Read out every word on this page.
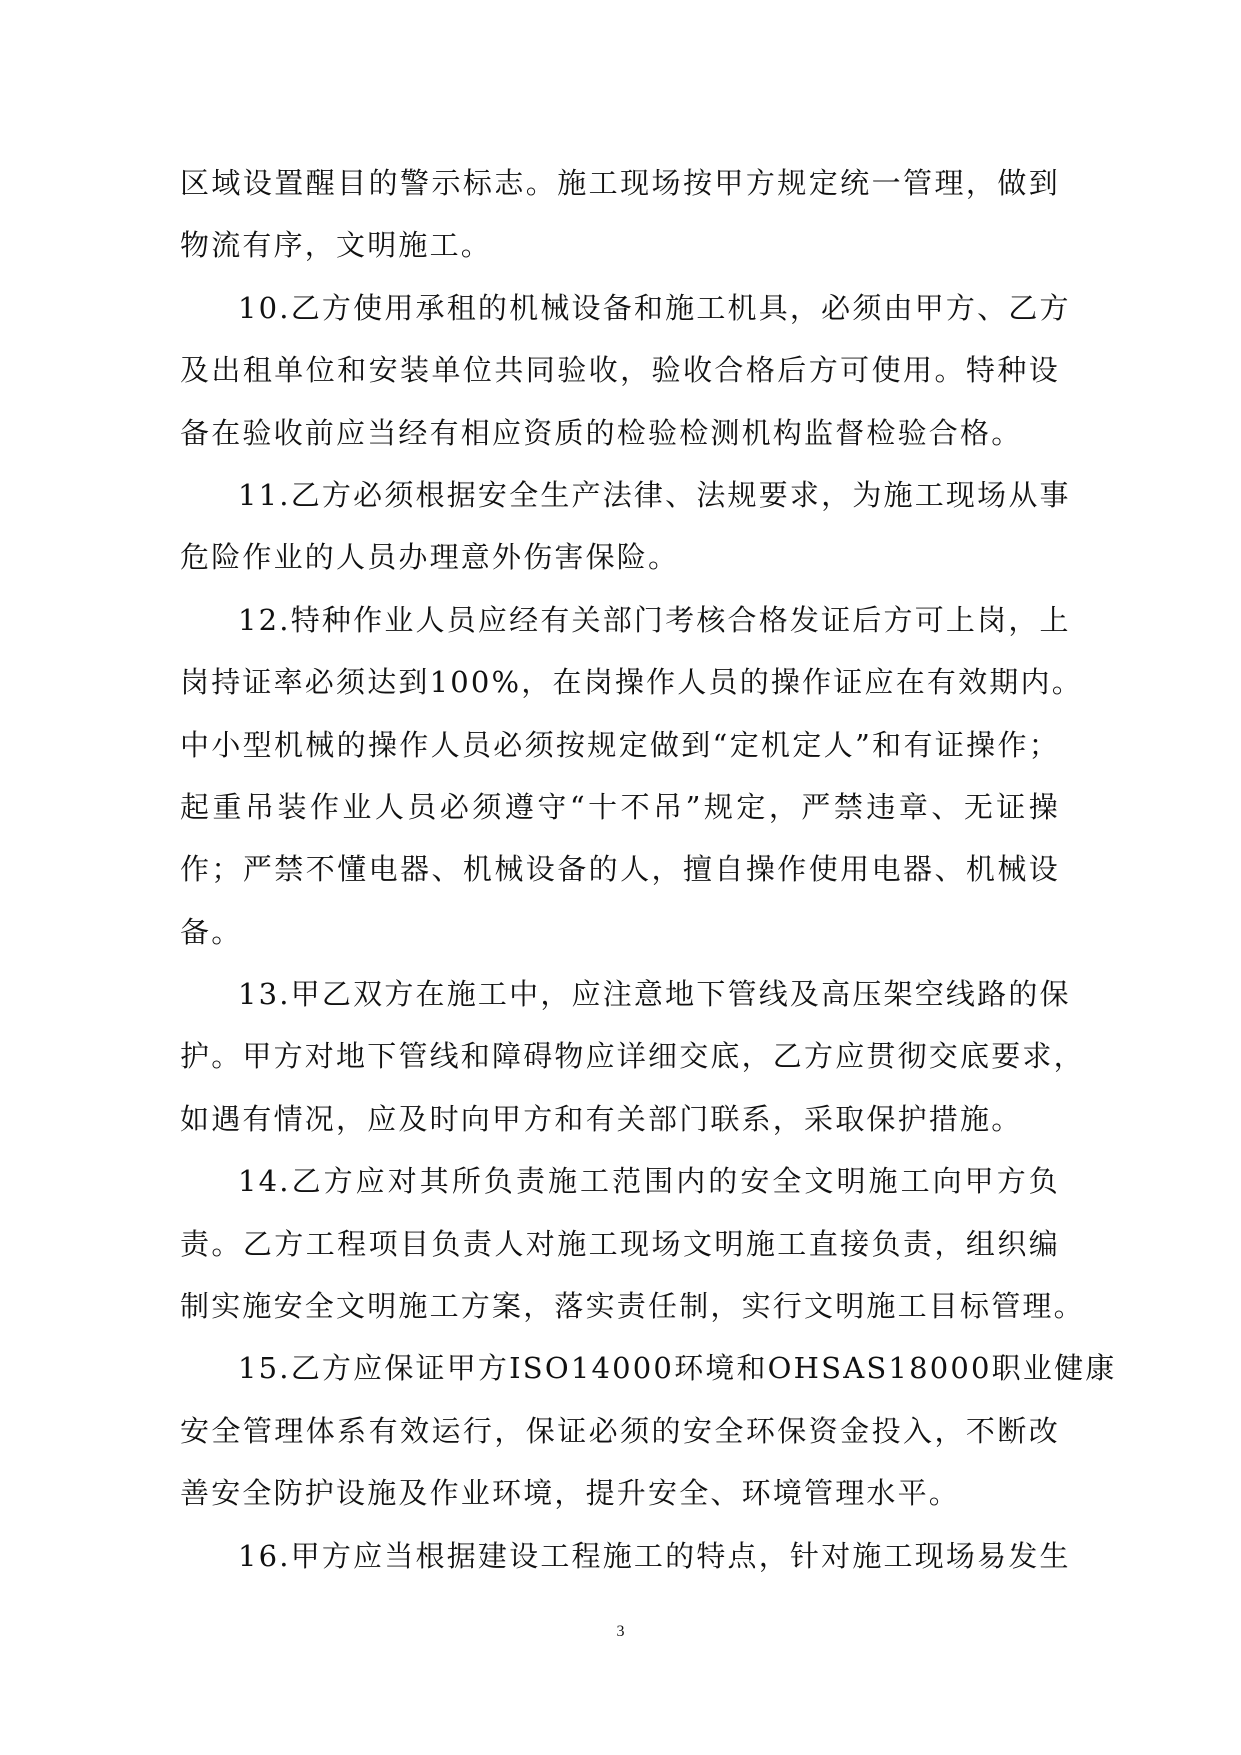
区域设置醒目的警示标志。施工现场按甲方规定统一管理，做到
物流有序，文明施工。
10.乙方使用承租的机械设备和施工机具，必须由甲方、乙方
及出租单位和安装单位共同验收，验收合格后方可使用。特种设
备在验收前应当经有相应资质的检验检测机构监督检验合格。
11.乙方必须根据安全生产法律、法规要求，为施工现场从事
危险作业的人员办理意外伤害保险。
12.特种作业人员应经有关部门考核合格发证后方可上岗，上
岗持证率必须达到100%，在岗操作人员的操作证应在有效期内。
中小型机械的操作人员必须按规定做到“定机定人”和有证操作；
起重吊装作业人员必须遵守“十不吊”规定，严禁违章、无证操
作；严禁不懂电器、机械设备的人，擅自操作使用电器、机械设
备。
13.甲乙双方在施工中，应注意地下管线及高压架空线路的保
护。甲方对地下管线和障碍物应详细交底，乙方应贯彻交底要求，
如遇有情况，应及时向甲方和有关部门联系，采取保护措施。
14.乙方应对其所负责施工范围内的安全文明施工向甲方负
责。乙方工程项目负责人对施工现场文明施工直接负责，组织编
制实施安全文明施工方案，落实责任制，实行文明施工目标管理。
15.乙方应保证甲方ISO14000环境和OHSAS18000职业健康
安全管理体系有效运行，保证必须的安全环保资金投入，不断改
善安全防护设施及作业环境，提升安全、环境管理水平。
16.甲方应当根据建设工程施工的特点，针对施工现场易发生
3
